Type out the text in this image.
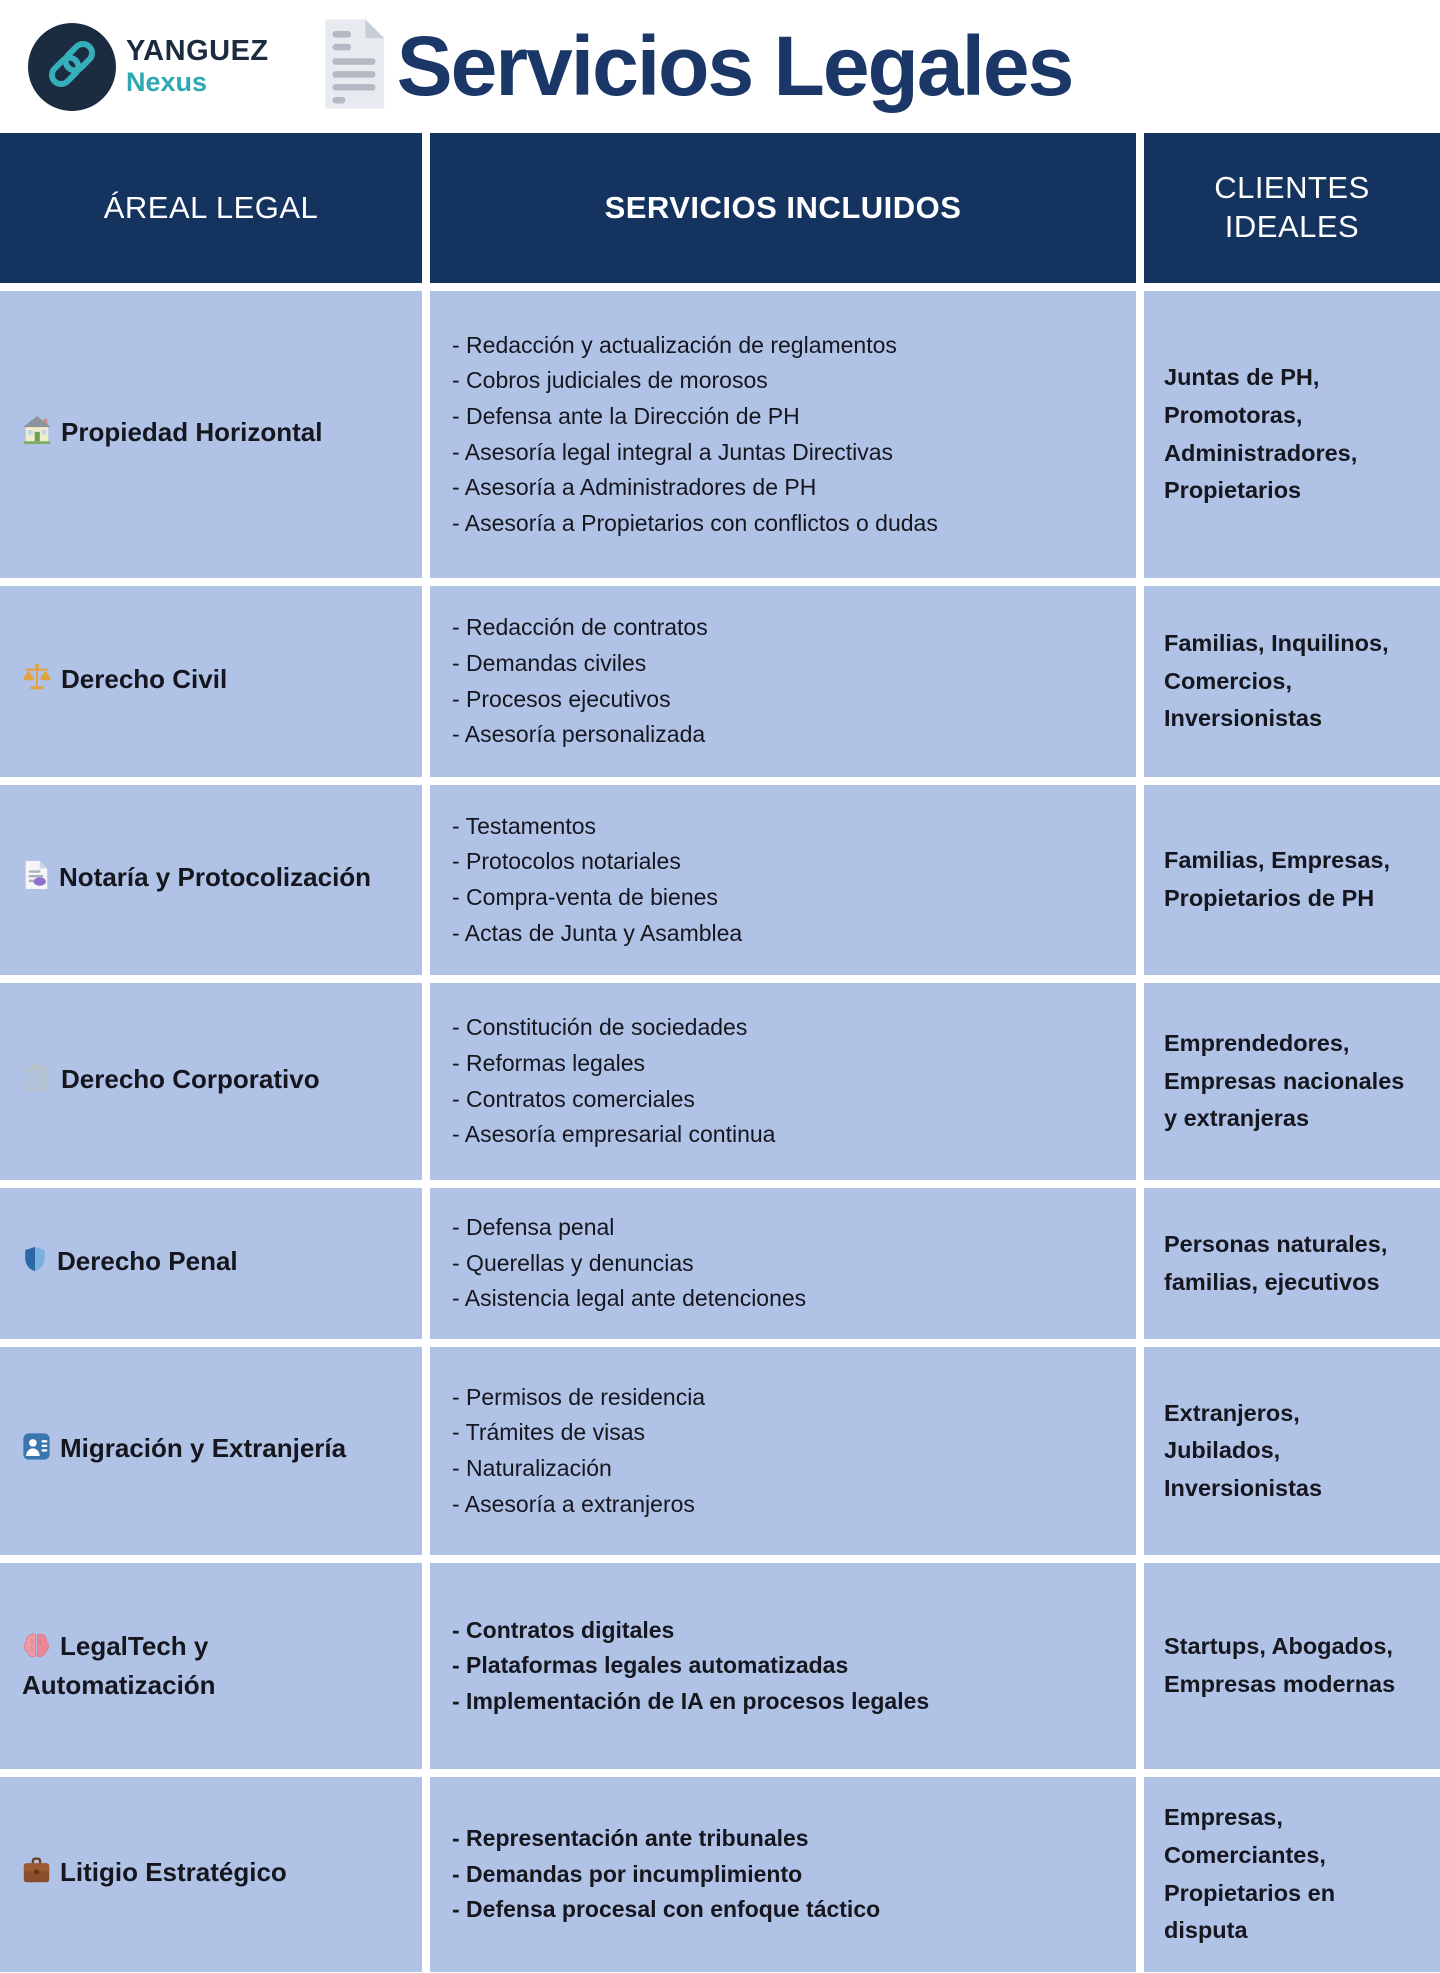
YANGUEZ
Nexus	Servicios Legales
ÁREAL LEGAL	SERVICIOS INCLUIDOS
CLIENTES IDEALES
Propiedad Horizontal
- Redacción y actualización de reglamentos
- Cobros judiciales de morosos
- Defensa ante la Dirección de PH
- Asesoría legal integral a Juntas Directivas
- Asesoría a Administradores de PH
- Asesoría a Propietarios con conflictos o dudas
Juntas de PH, Promotoras, Administradores, Propietarios
Derecho Civil
- Redacción de contratos
- Demandas civiles
- Procesos ejecutivos
- Asesoría personalizada
Familias, Inquilinos, Comercios, Inversionistas
Notaría y Protocolización
- Testamentos
- Protocolos notariales
- Compra-venta de bienes
- Actas de Junta y Asamblea
Familias, Empresas, Propietarios de PH
Derecho Corporativo
- Constitución de sociedades
- Reformas legales
- Contratos comerciales
- Asesoría empresarial continua
Emprendedores, Empresas nacionales y extranjeras
Derecho Penal
- Defensa penal
- Querellas y denuncias
- Asistencia legal ante detenciones
Personas naturales, familias, ejecutivos
Migración y Extranjería
- Permisos de residencia
- Trámites de visas
- Naturalización
- Asesoría a extranjeros
Extranjeros, Jubilados, Inversionistas
LegalTech y Automatización
- Contratos digitales
- Plataformas legales automatizadas
- Implementación de IA en procesos legales
Startups, Abogados, Empresas modernas
Litigio Estratégico
- Representación ante tribunales
- Demandas por incumplimiento
- Defensa procesal con enfoque táctico
Empresas, Comerciantes, Propietarios en disputa
